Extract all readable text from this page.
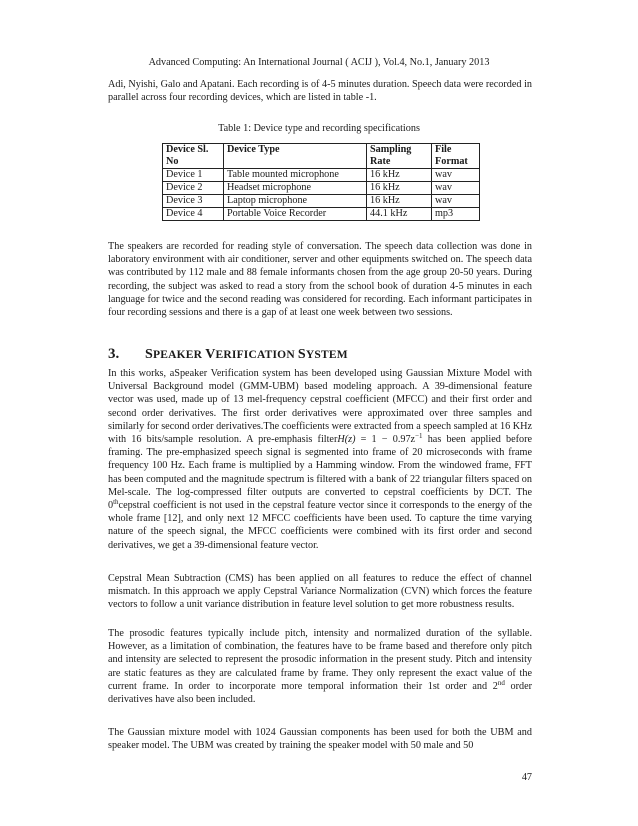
Advanced Computing: An International Journal ( ACIJ ), Vol.4, No.1, January 2013

Adi, Nyishi, Galo and Apatani. Each recording is of 4-5 minutes duration. Speech data were recorded in parallel across four recording devices, which are listed in table -1.

Table 1: Device type and recording specifications
Device Sl. No	Device Type	Sampling Rate	File Format
Device 1	Table mounted microphone	16 kHz	wav
Device 2	Headset microphone	16 kHz	wav
Device 3	Laptop microphone	16 kHz	wav
Device 4	Portable Voice Recorder	44.1 kHz	mp3

The speakers are recorded for reading style of conversation. The speech data collection was done in laboratory environment with air conditioner, server and other equipments switched on. The speech data was contributed by 112 male and 88 female informants chosen from the age group 20-50 years. During recording, the subject was asked to read a story from the school book of duration 4-5 minutes in each language for twice and the second reading was considered for recording. Each informant participates in four recording sessions and there is a gap of at least one week between two sessions.

3. SPEAKER VERIFICATION SYSTEM

In this works, aSpeaker Verification system has been developed using Gaussian Mixture Model with Universal Background model (GMM-UBM) based modeling approach. A 39-dimensional feature vector was used, made up of 13 mel-frequency cepstral coefficient (MFCC) and their first order and second order derivatives. The first order derivatives were approximated over three samples and similarly for second order derivatives.The coefficients were extracted from a speech sampled at 16 KHz with 16 bits/sample resolution. A pre-emphasis filterH(z) = $1 - 0.97z^{-1}$ has been applied before framing. The pre-emphasized speech signal is segmented into frame of 20 microseconds with frame frequency 100 Hz. Each frame is multiplied by a Hamming window. From the windowed frame, FFT has been computed and the magnitude spectrum is filtered with a bank of 22 triangular filters spaced on Mel-scale. The log-compressed filter outputs are converted to cepstral coefficients by DCT. The 0thcepstral coefficient is not used in the cepstral feature vector since it corresponds to the energy of the whole frame [12], and only next 12 MFCC coefficients have been used. To capture the time varying nature of the speech signal, the MFCC coefficients were combined with its first order and second derivatives, we get a 39-dimensional feature vector.

Cepstral Mean Subtraction (CMS) has been applied on all features to reduce the effect of channel mismatch. In this approach we apply Cepstral Variance Normalization (CVN) which forces the feature vectors to follow a unit variance distribution in feature level solution to get more robustness results.

The prosodic features typically include pitch, intensity and normalized duration of the syllable. However, as a limitation of combination, the features have to be frame based and therefore only pitch and intensity are selected to represent the prosodic information in the present study. Pitch and intensity are static features as they are calculated frame by frame. They only represent the exact value of the current frame. In order to incorporate more temporal information their 1st order and 2nd order derivatives have also been included.

The Gaussian mixture model with 1024 Gaussian components has been used for both the UBM and speaker model. The UBM was created by training the speaker model with 50 male and 50

47
